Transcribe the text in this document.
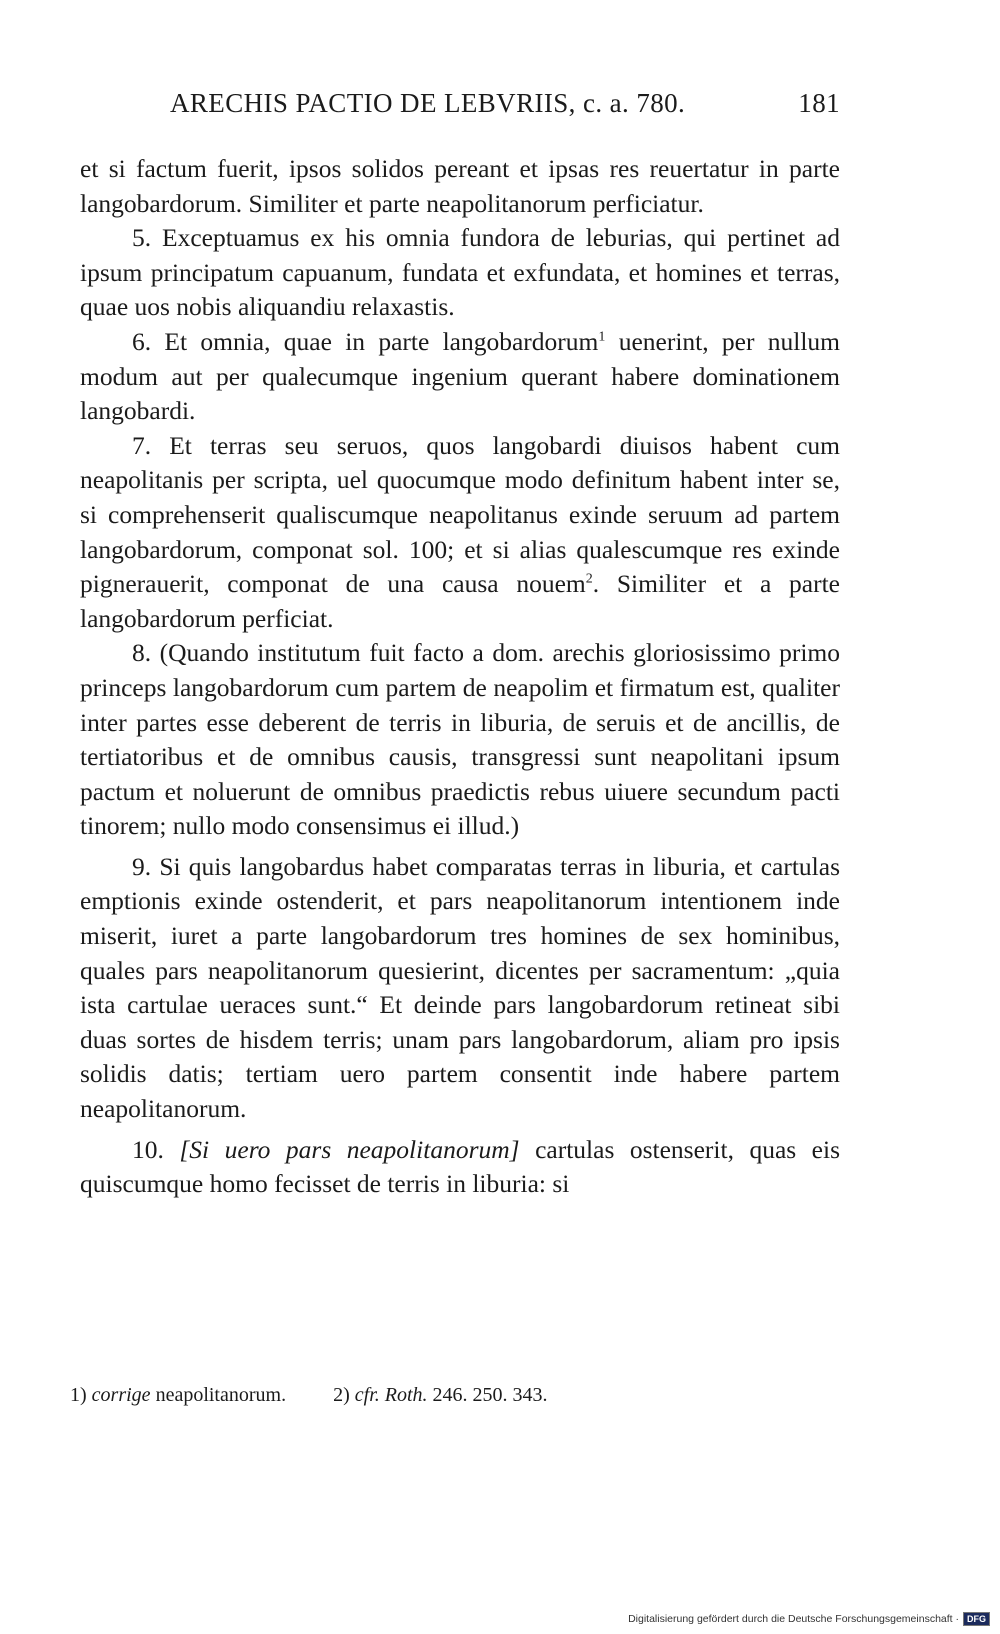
ARECHIS PACTIO DE LEBVRIIS, c. a. 780.	181

et si factum fuerit, ipsos solidos pereant et ipsas res reuertatur in parte langobardorum. Similiter et parte neapolitanorum perficiatur.

5. Exceptuamus ex his omnia fundora de leburias, qui pertinet ad ipsum principatum capuanum, fundata et exfundata, et homines et terras, quae uos nobis aliquandiu relaxastis.

6. Et omnia, quae in parte langobardorum$^1$ uenerint, per nullum modum aut per qualecumque ingenium querant habere dominationem langobardi.

7. Et terras seu seruos, quos langobardi diuisos habent cum neapolitanis per scripta, uel quocumque modo definitum habent inter se, si comprehenserit qualiscumque neapolitanus exinde seruum ad partem langobardorum, componat sol. 100; et si alias qualescumque res exinde pignerauerit, componat de una causa nouem$^2$. Similiter et a parte langobardorum perficiat.

8. (Quando institutum fuit facto a dom. arechis gloriosissimo primo princeps langobardorum cum partem de neapolim et firmatum est, qualiter inter partes esse deberent de terris in liburia, de seruis et de ancillis, de tertiatoribus et de omnibus causis, transgressi sunt neapolitani ipsum pactum et noluerunt de omnibus praedictis rebus uiuere secundum pacti tinorem; nullo modo consensimus ei illud.)

9. Si quis langobardus habet comparatas terras in liburia, et cartulas emptionis exinde ostenderit, et pars neapolitanorum intentionem inde miserit, iuret a parte langobardorum tres homines de sex hominibus, quales pars neapolitanorum quesierint, dicentes per sacramentum: „quia ista cartulae ueraces sunt.“ Et deinde pars langobardorum retineat sibi duas sortes de hisdem terris; unam pars langobardorum, aliam pro ipsis solidis datis; tertiam uero partem consentit inde habere partem neapolitanorum.

10. [Si uero pars neapolitanorum] cartulas ostenserit, quas eis quiscumque homo fecisset de terris in liburia: si

1) corrige neapolitanorum. 2) cfr. Roth. 246. 250. 343.
Digitalisierung gefördert durch die Deutsche Forschungsgemeinschaft · DFG
